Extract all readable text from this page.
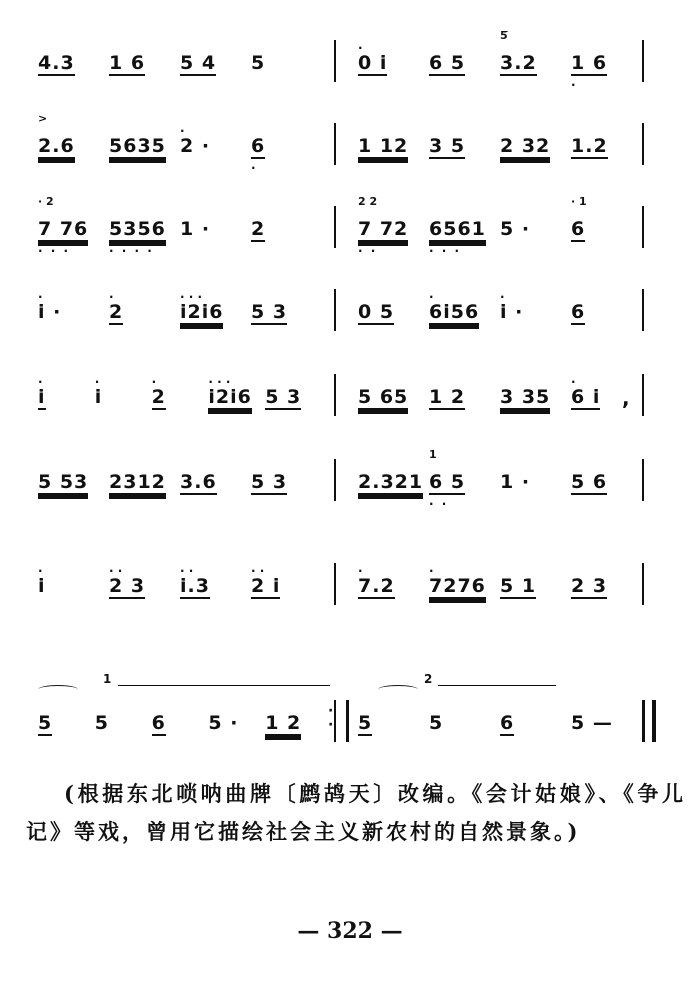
4.3 1 6 5 4 5
·
0 i 6 5
5̅
3.2 1 6
·
>
2.6 5635
·
2 · 6
·
1 12 3 5 2 32 1.2
· 2
7 76
· · ·
5356
· · · ·
1 · 2
2 2
7 72
· ·
6561
· · ·
5 ·
· 1
6
·
i ·
·
2
· · ·
i2i6 5 3	0 5
·
6i56
·
i ·	6
·
i
·
i
·
2
· · ·
i2i6 5 3	5 65 1 2 3 35
·
6 i ,
5 53 2312 3.6 5 3	2.321
1
6 5
· ·
1 · 5 6
·
i
· ·
2 3
· ·
i.3
· ·
2 i
·
7.2
·
7276 5 1 2 3
5 5 6 5 · 1 2	5	5	6	5 —
1
·
·
2
(根据东北唢呐曲牌〔鹧鸪天〕改编。《会计姑娘》、《争儿记》等戏，曾用它描绘社会主义新农村的自然景象。)
— 322 —
